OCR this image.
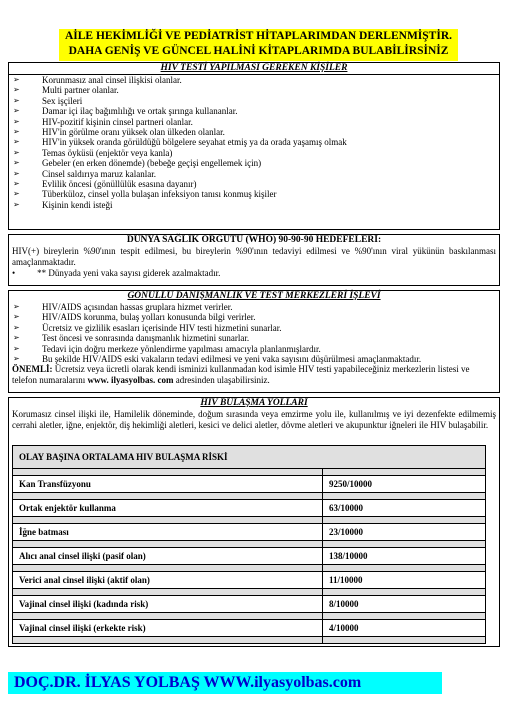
AİLE HEKİMLİĞİ VE PEDİATRİST HİTAPLARIMDAN DERLENMİŞTİR.
DAHA GENİŞ VE GÜNCEL HALİNİ KİTAPLARIMDA BULABİLİRSİNİZ
HIV TESTİ YAPILMASI GEREKEN KİŞİLER
➢ Korunmasız anal cinsel ilişkisi olanlar.
➢ Multi partner olanlar.
➢ Sex işçileri
➢ Damar içi ilaç bağımlılığı ve ortak şırınga kullananlar.
➢ HIV-pozitif kişinin cinsel partneri olanlar.
➢ HIV'in görülme oranı yüksek olan ülkeden olanlar.
➢ HIV'in yüksek oranda görüldüğü bölgelere seyahat etmiş ya da orada yaşamış olmak
➢ Temas öyküsü (enjektör veya kanla)
➢ Gebeler (en erken dönemde) (bebeğe geçişi engellemek için)
➢ Cinsel saldırıya maruz kalanlar.
➢ Evlilik öncesi (gönüllülük esasına dayanır)
➢ Tüberküloz, cinsel yolla bulaşan infeksiyon tanısı konmuş kişiler
➢ Kişinin kendi isteği
DÜNYA SAĞLIK ÖRGÜTÜ (WHO) 90-90-90 HEDEFELERİ:
HIV(+) bireylerin %90'ının tespit edilmesi, bu bireylerin %90'ının tedaviyi edilmesi ve %90'ının viral yükünün baskılanması amaçlanmaktadır.
• ** Dünyada yeni vaka sayısı giderek azalmaktadır.
GÖNÜLLÜ DANIŞMANLIK VE TEST MERKEZLERİ İŞLEVİ
➢ HIV/AIDS açısından hassas gruplara hizmet verirler.
➢ HIV/AIDS korunma, bulaş yolları konusunda bilgi verirler.
➢ Ücretsiz ve gizlilik esasları içerisinde HIV testi hizmetini sunarlar.
➢ Test öncesi ve sonrasında danışmanlık hizmetini sunarlar.
➢ Tedavi için doğru merkeze yönlendirme yapılması amacıyla planlanmışlardır.
➢ Bu şekilde HIV/AIDS eski vakaların tedavi edilmesi ve yeni vaka sayısını düşürülmesi amaçlanmaktadır.
ÖNEMLİ: Ücretsiz veya ücretli olarak kendi isminizi kullanmadan kod isimle HIV testi yapabileceğiniz merkezlerin listesi ve telefon numaralarını www. ilyasyolbas. com adresinden ulaşabilirsiniz.
HIV BULAŞMA YOLLARI
Korumasız cinsel ilişki ile, Hamilelik döneminde, doğum sırasında veya emzirme yolu ile, kullanılmış ve iyi dezenfekte edilmemiş cerrahi aletler, iğne, enjektör, diş hekimliği aletleri, kesici ve delici aletler, dövme aletleri ve akupunktur iğneleri ile HIV bulaşabilir.
OLAY BAŞINA ORTALAMA HIV BULAŞMA RİSKİ	

Kan Transfüzyonu	9250/10000

Ortak enjektör kullanma	63/10000

İğne batması	23/10000

Alıcı anal cinsel ilişki (pasif olan)	138/10000

Verici anal cinsel ilişki (aktif olan)	11/10000

Vajinal cinsel ilişki (kadında risk)	8/10000

Vajinal cinsel ilişki (erkekte risk)	4/10000

DOÇ.DR. İLYAS YOLBAŞ WWW.ilyasyolbas.com
